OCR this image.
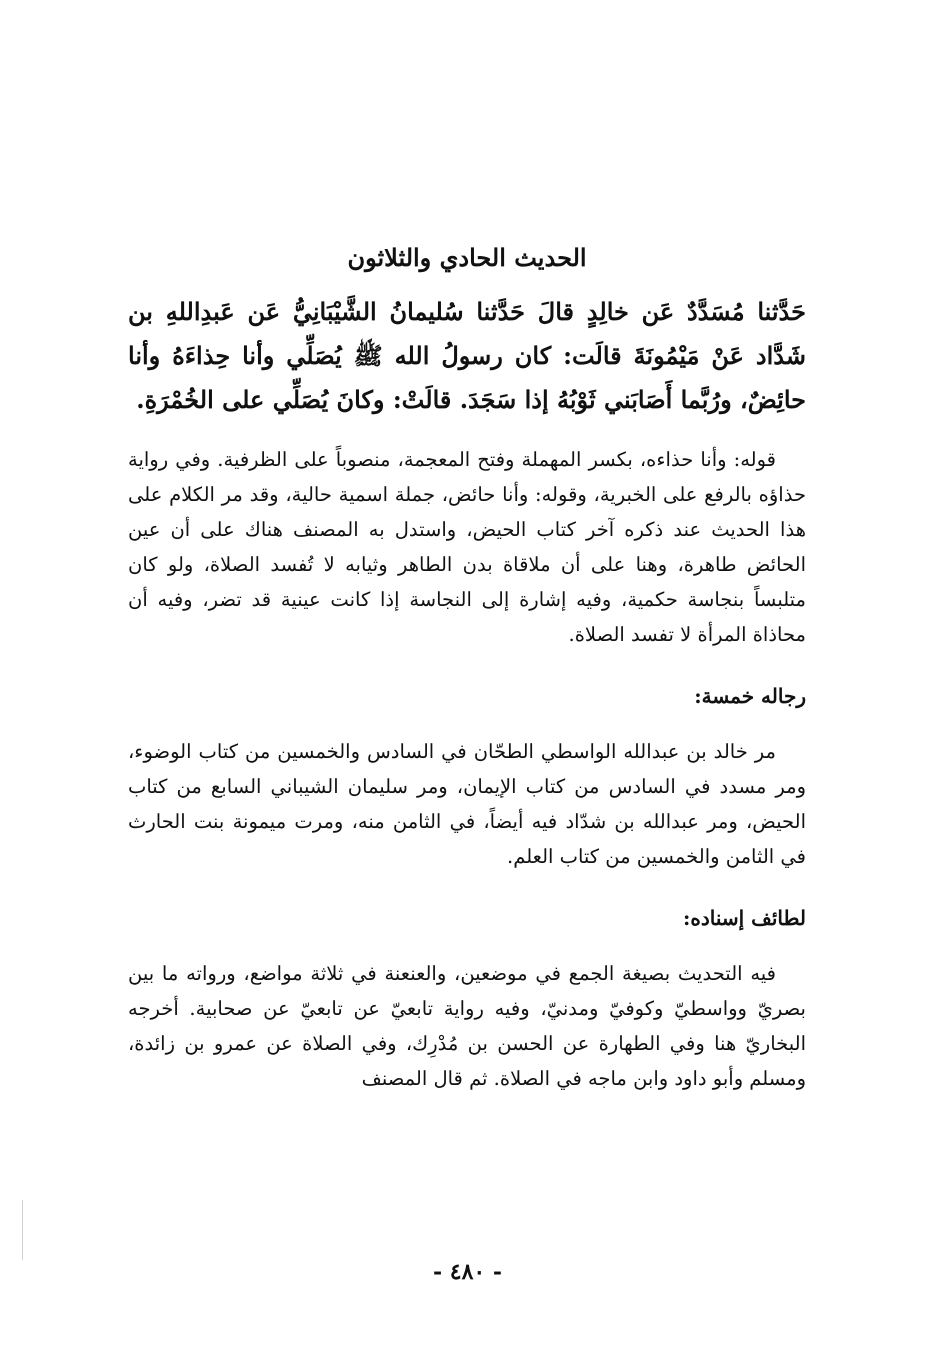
الحديث الحادي والثلاثون

حَدَّثنا مُسَدَّدٌ عَن خالِدٍ قالَ حَدَّثنا سُليمانُ الشَّيْبَانِيُّ عَن عَبدِاللهِ بن شَدَّاد عَنْ مَيْمُونَةَ قالَت: كان رسولُ الله ﷺ يُصَلِّي وأنا حِذاءَهُ وأنا حائِضٌ، ورُبَّما أَصَابَني ثَوْبُهُ إذا سَجَدَ. قالَتْ: وكانَ يُصَلِّي على الخُمْرَةِ.

قوله: وأنا حذاءه، بكسر المهملة وفتح المعجمة، منصوباً على الظرفية. وفي رواية حذاؤه بالرفع على الخبرية، وقوله: وأنا حائض، جملة اسمية حالية، وقد مر الكلام على هذا الحديث عند ذكره آخر كتاب الحيض، واستدل به المصنف هناك على أن عين الحائض طاهرة، وهنا على أن ملاقاة بدن الطاهر وثيابه لا تُفسد الصلاة، ولو كان متلبساً بنجاسة حكمية، وفيه إشارة إلى النجاسة إذا كانت عينية قد تضر، وفيه أن محاذاة المرأة لا تفسد الصلاة.

رجاله خمسة:

مر خالد بن عبدالله الواسطي الطحّان في السادس والخمسين من كتاب الوضوء، ومر مسدد في السادس من كتاب الإيمان، ومر سليمان الشيباني السابع من كتاب الحيض، ومر عبدالله بن شدّاد فيه أيضاً، في الثامن منه، ومرت ميمونة بنت الحارث في الثامن والخمسين من كتاب العلم.

لطائف إسناده:

فيه التحديث بصيغة الجمع في موضعين، والعنعنة في ثلاثة مواضع، ورواته ما بين بصريّ وواسطيّ وكوفيّ ومدنيّ، وفيه رواية تابعيّ عن تابعيّ عن صحابية. أخرجه البخاريّ هنا وفي الطهارة عن الحسن بن مُدْرِك، وفي الصلاة عن عمرو بن زائدة، ومسلم وأبو داود وابن ماجه في الصلاة. ثم قال المصنف

- ٤٨٠ -
